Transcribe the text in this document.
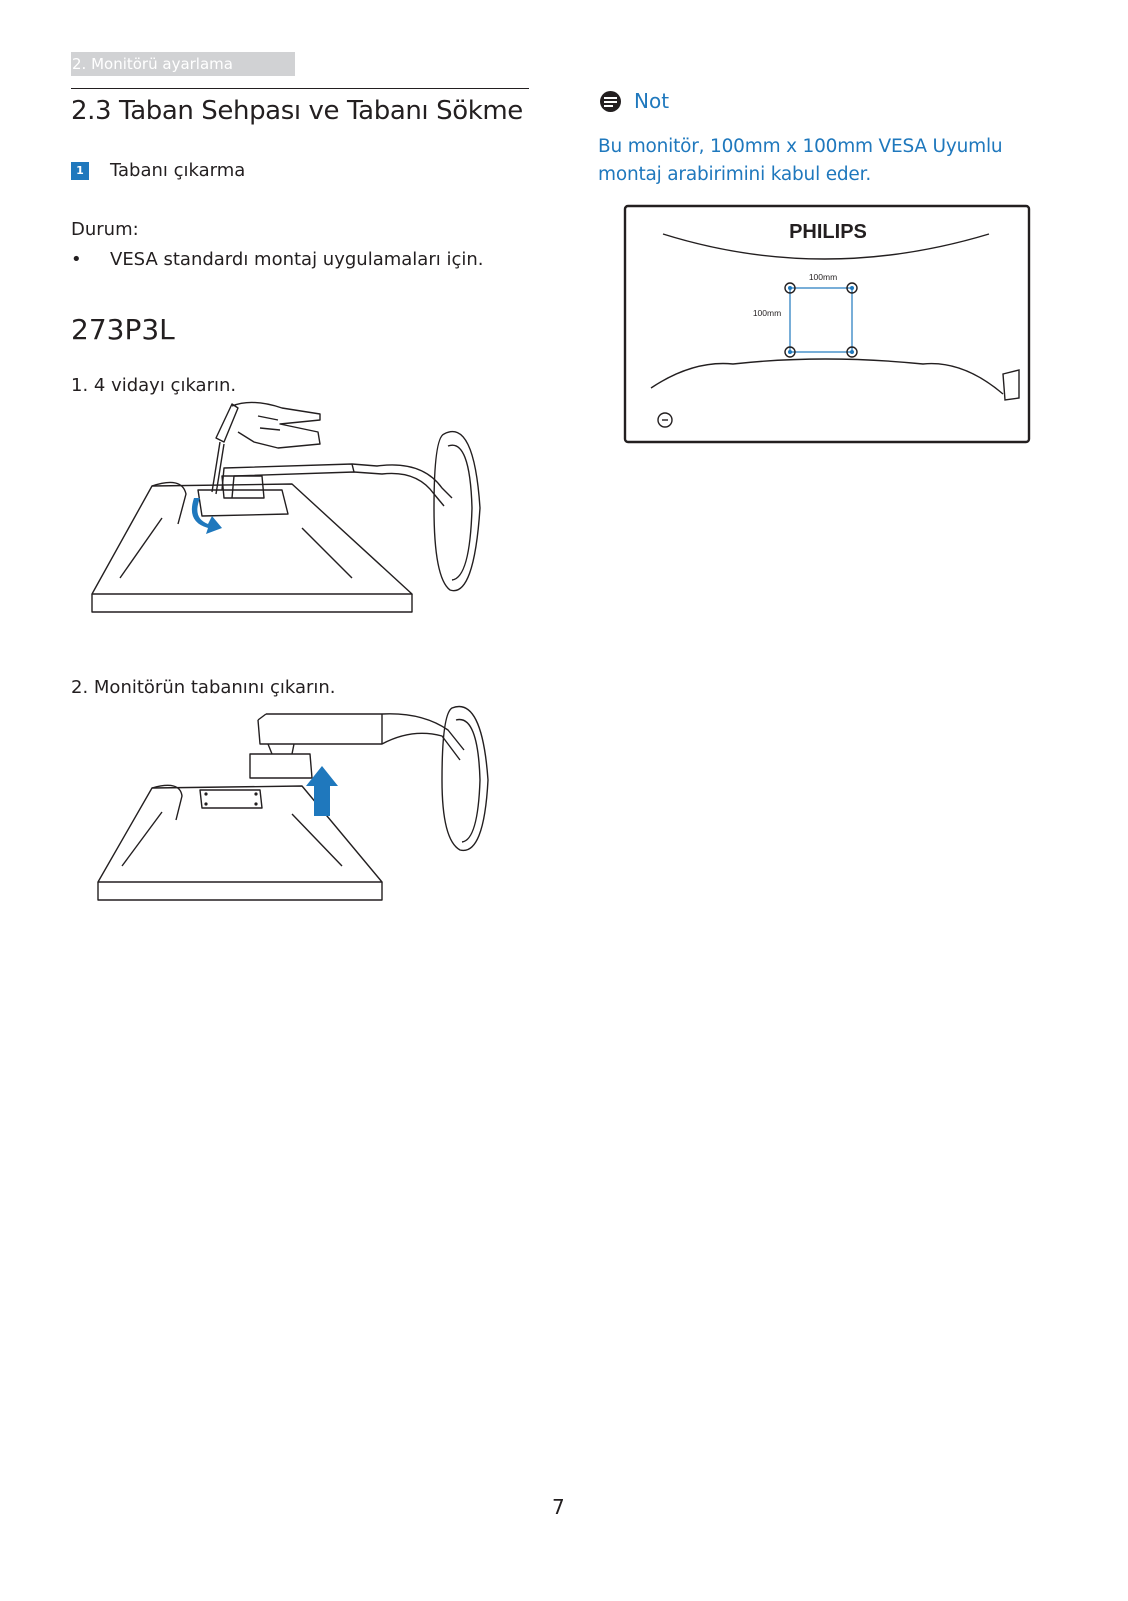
2. Monitörü ayarlama
2.3 Taban Sehpası ve Tabanı Sökme
1 Tabanı çıkarma
Durum:
• VESA standardı montaj uygulamaları için.
273P3L
1. 4 vidayı çıkarın.
2. Monitörün tabanını çıkarın.
Not
Bu monitör, 100mm x 100mm VESA Uyumlu montaj arabirimini kabul eder.
PHILIPS
100mm
100mm
7
